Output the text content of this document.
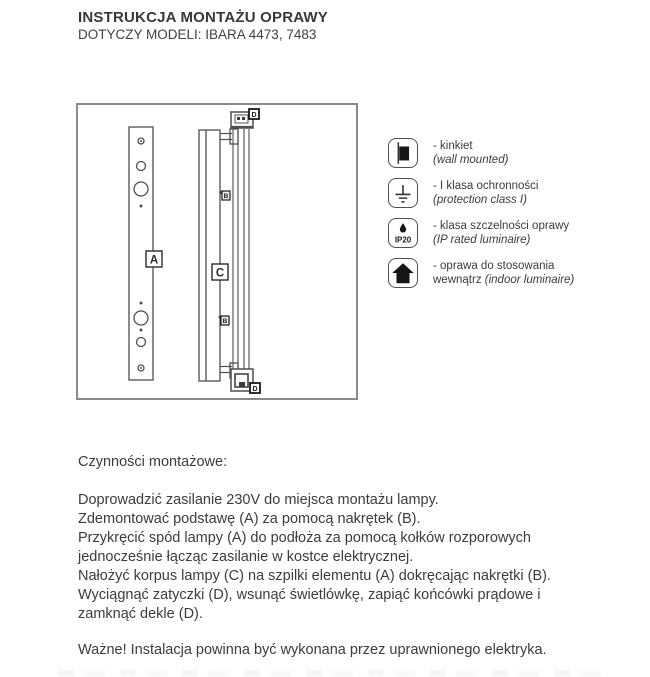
INSTRUKCJA MONTAŻU OPRAWY
DOTYCZY MODELI: IBARA 4473, 7483
A
D
D
B
B
C
- kinkiet
(wall mounted)
- I klasa ochronności
(protection class I)
IP20
- klasa szczelności oprawy
(IP rated luminaire)
- oprawa do stosowania
wewnątrz (indoor luminaire)

Czynności montażowe:

Doprowadzić zasilanie 230V do miejsca montażu lampy.
Zdemontować podstawę (A) za pomocą nakrętek (B).
Przykręcić spód lampy (A) do podłoża za pomocą kołków rozporowych
jednocześnie łącząc zasilanie w kostce elektrycznej.
Nałożyć korpus lampy (C) na szpilki elementu (A) dokręcając nakrętki (B).
Wyciągnąć zatyczki (D), wsunąć świetlówkę, zapiąć końcówki prądowe i
zamknąć dekle (D).
Ważne! Instalacja powinna być wykonana przez uprawnionego elektryka.
